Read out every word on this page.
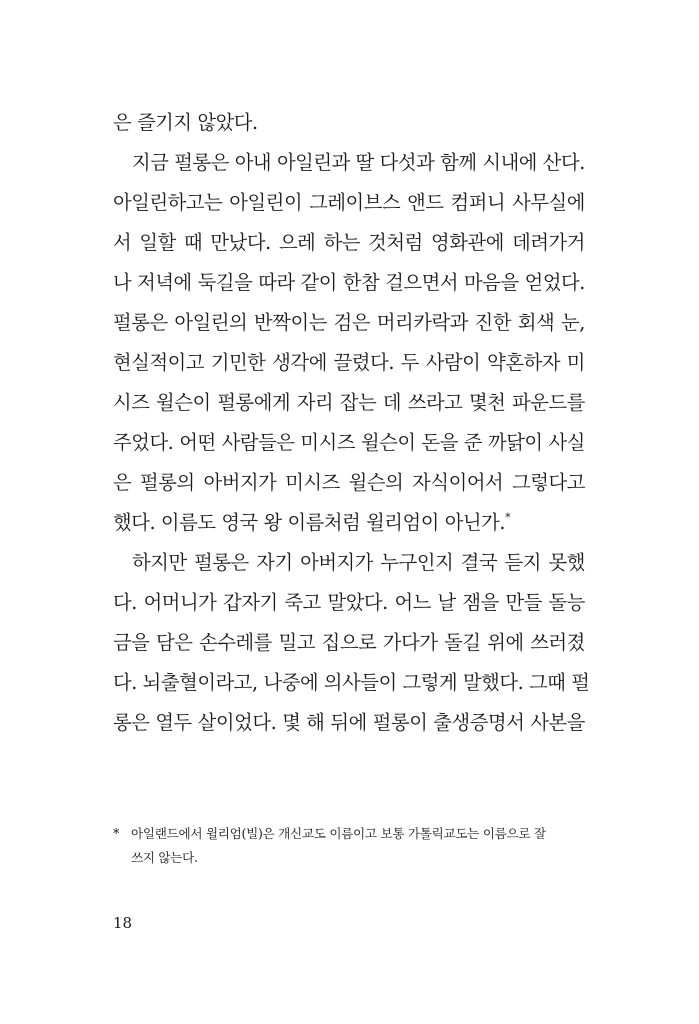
은 즐기지 않았다.
지금 펄롱은 아내 아일린과 딸 다섯과 함께 시내에 산다.
아일린하고는 아일린이 그레이브스 앤드 컴퍼니 사무실에
서 일할 때 만났다. 으레 하는 것처럼 영화관에 데려가거
나 저녁에 둑길을 따라 같이 한참 걸으면서 마음을 얻었다.
펄롱은 아일린의 반짝이는 검은 머리카락과 진한 회색 눈,
현실적이고 기민한 생각에 끌렸다. 두 사람이 약혼하자 미
시즈 윌슨이 펄롱에게 자리 잡는 데 쓰라고 몇천 파운드를
주었다. 어떤 사람들은 미시즈 윌슨이 돈을 준 까닭이 사실
은 펄롱의 아버지가 미시즈 윌슨의 자식이어서 그렇다고
했다. 이름도 영국 왕 이름처럼 윌리엄이 아닌가.*
하지만 펄롱은 자기 아버지가 누구인지 결국 듣지 못했
다. 어머니가 갑자기 죽고 말았다. 어느 날 잼을 만들 돌능
금을 담은 손수레를 밀고 집으로 가다가 돌길 위에 쓰러졌
다. 뇌출혈이라고, 나중에 의사들이 그렇게 말했다. 그때 펄
롱은 열두 살이었다. 몇 해 뒤에 펄롱이 출생증명서 사본을
* 아일랜드에서 윌리엄(빌)은 개신교도 이름이고 보통 가톨릭교도는 이름으로 잘
쓰지 않는다.
18
